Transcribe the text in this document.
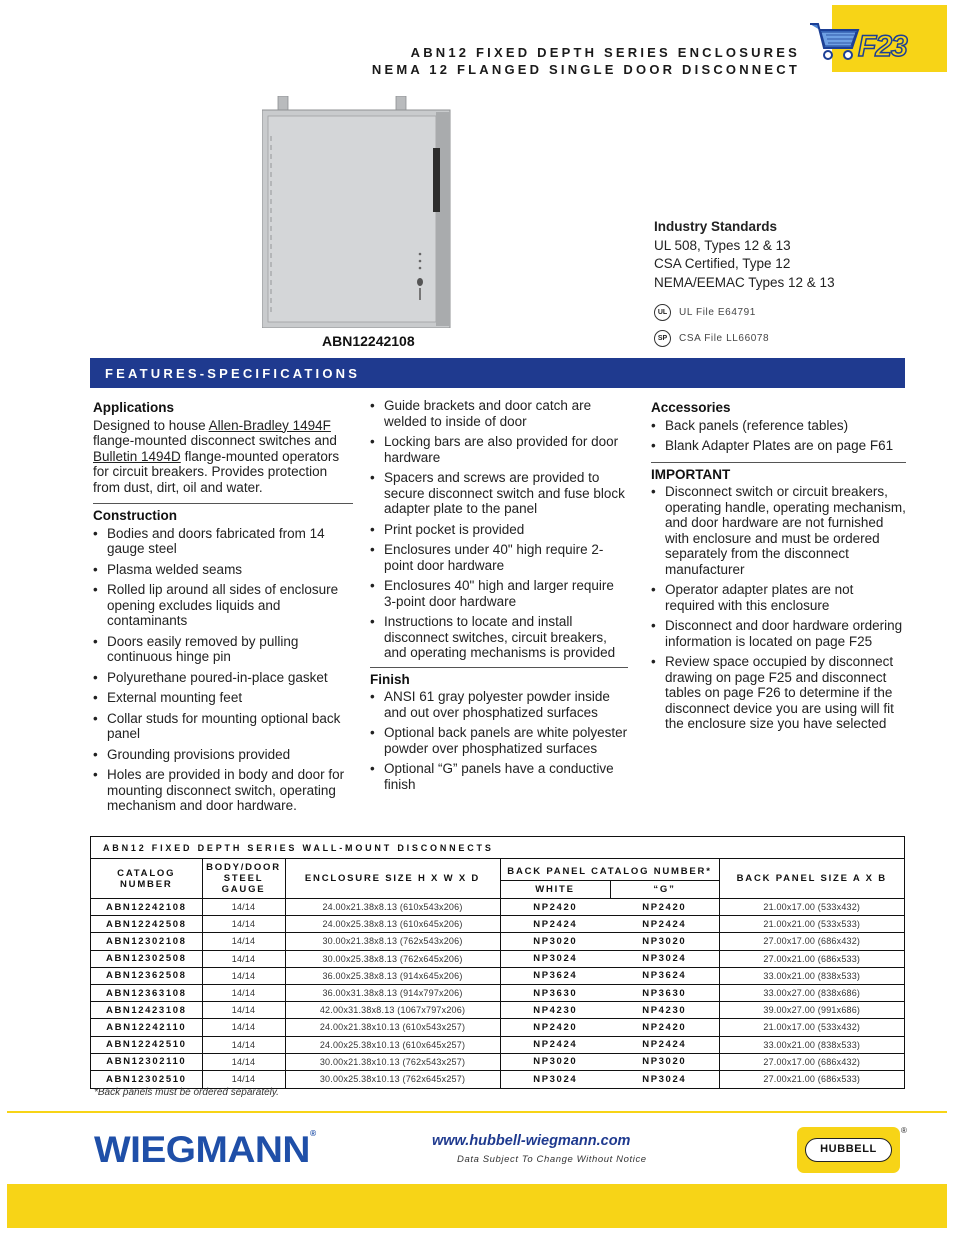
F23
ABN12 FIXED DEPTH SERIES ENCLOSURES
NEMA 12 FLANGED SINGLE DOOR DISCONNECT
ABN12242108
Industry Standards
UL 508, Types 12 & 13
CSA Certified, Type 12
NEMA/EEMAC Types 12 & 13
UL	UL File E64791
SP	CSA File LL66078
FEATURES-SPECIFICATIONS
Applications

Designed to house Allen-Bradley 1494F flange-mounted disconnect switches and Bulletin 1494D flange-mounted operators for circuit breakers. Provides protection from dust, dirt, oil and water.

Construction
• Bodies and doors fabricated from 14 gauge steel
• Plasma welded seams
• Rolled lip around all sides of enclosure opening excludes liquids and contaminants
• Doors easily removed by pulling continuous hinge pin
• Polyurethane poured-in-place gasket
• External mounting feet
• Collar studs for mounting optional back panel
• Grounding provisions provided
• Holes are provided in body and door for mounting disconnect switch, operating mechanism and door hardware.
• Guide brackets and door catch are welded to inside of door
• Locking bars are also provided for door hardware
• Spacers and screws are provided to secure disconnect switch and fuse block adapter plate to the panel
• Print pocket is provided
• Enclosures under 40" high require 2-point door hardware
• Enclosures 40" high and larger require 3-point door hardware
• Instructions to locate and install disconnect switches, circuit breakers, and operating mechanisms is provided
Finish
• ANSI 61 gray polyester powder inside and out over phosphatized surfaces
• Optional back panels are white polyester powder over phosphatized surfaces
• Optional “G” panels have a conductive finish
Accessories
• Back panels (reference tables)
• Blank Adapter Plates are on page F61
IMPORTANT
• Disconnect switch or circuit breakers, operating handle, operating mechanism, and door hardware are not furnished with enclosure and must be ordered separately from the disconnect manufacturer
• Operator adapter plates are not required with this enclosure
• Disconnect and door hardware ordering information is located on page F25
• Review space occupied by disconnect drawing on page F25 and disconnect tables on page F26 to determine if the disconnect device you are using will fit the enclosure size you have selected
ABN12 FIXED DEPTH SERIES WALL-MOUNT DISCONNECTS
CATALOG NUMBER	BODY/DOOR STEEL GAUGE	ENCLOSURE SIZE H X W X D	BACK PANEL CATALOG NUMBER*		BACK PANEL SIZE A X B
			WHITE	“G”	
ABN12242108	14/14	24.00x21.38x8.13 (610x543x206)	NP2420	NP2420	21.00x17.00 (533x432)
ABN12242508	14/14	24.00x25.38x8.13 (610x645x206)	NP2424	NP2424	21.00x21.00 (533x533)
ABN12302108	14/14	30.00x21.38x8.13 (762x543x206)	NP3020	NP3020	27.00x17.00 (686x432)
ABN12302508	14/14	30.00x25.38x8.13 (762x645x206)	NP3024	NP3024	27.00x21.00 (686x533)
ABN12362508	14/14	36.00x25.38x8.13 (914x645x206)	NP3624	NP3624	33.00x21.00 (838x533)
ABN12363108	14/14	36.00x31.38x8.13 (914x797x206)	NP3630	NP3630	33.00x27.00 (838x686)
ABN12423108	14/14	42.00x31.38x8.13 (1067x797x206)	NP4230	NP4230	39.00x27.00 (991x686)
ABN12242110	14/14	24.00x21.38x10.13 (610x543x257)	NP2420	NP2420	21.00x17.00 (533x432)
ABN12242510	14/14	24.00x25.38x10.13 (610x645x257)	NP2424	NP2424	33.00x21.00 (838x533)
ABN12302110	14/14	30.00x21.38x10.13 (762x543x257)	NP3020	NP3020	27.00x17.00 (686x432)
ABN12302510	14/14	30.00x25.38x10.13 (762x645x257)	NP3024	NP3024	27.00x21.00 (686x533)
*Back panels must be ordered separately.
WIEGMANN®	www.hubbell-wiegmann.com
Data Subject To Change Without Notice
HUBBELL
®
